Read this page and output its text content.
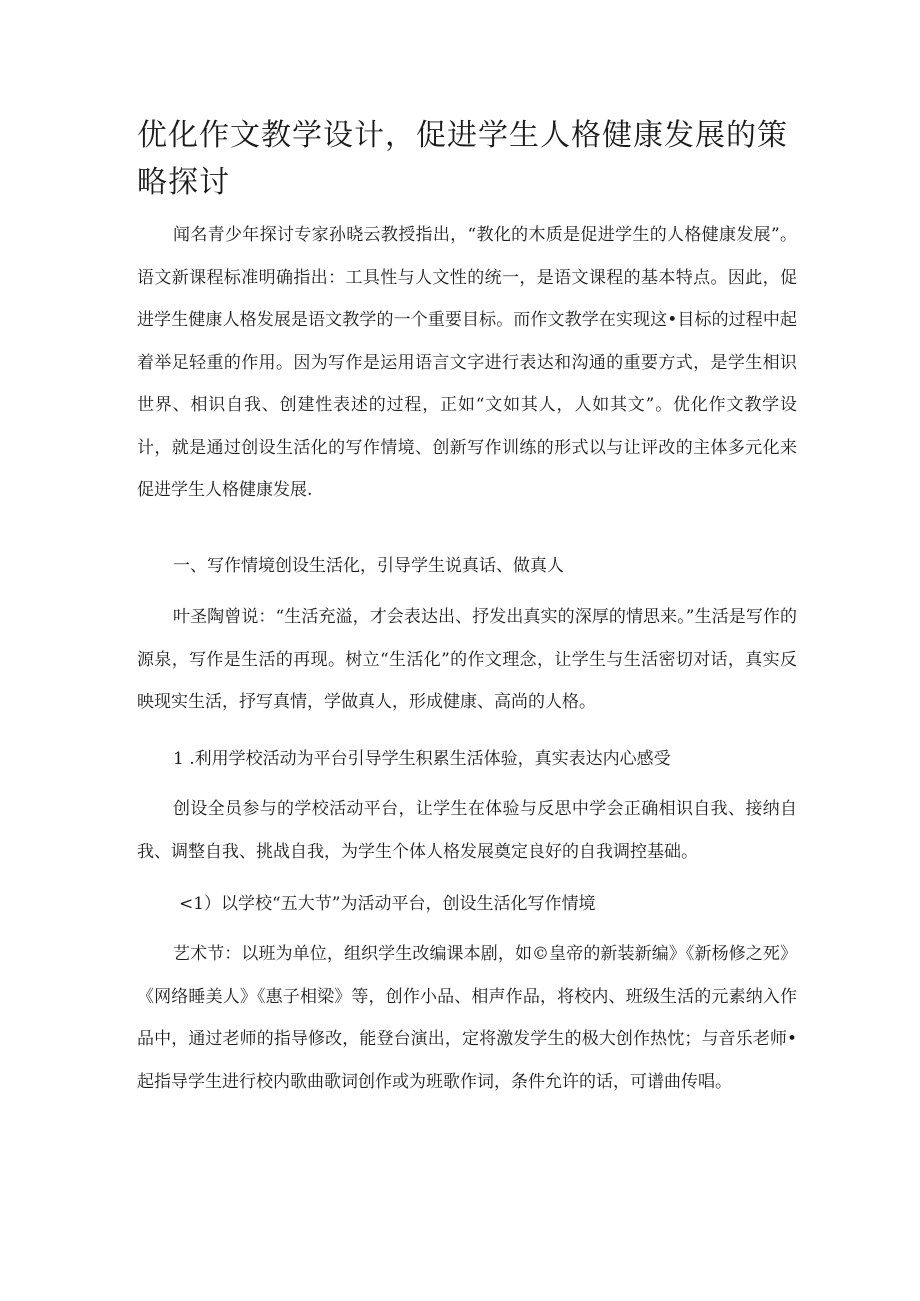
优化作文教学设计，促进学生人格健康发展的策略探讨

闻名青少年探讨专家孙晓云教授指出，“教化的木质是促进学生的人格健康发展”。语文新课程标准明确指出：工具性与人文性的统一，是语文课程的基本特点。因此，促进学生健康人格发展是语文教学的一个重要目标。而作文教学在实现这•目标的过程中起着举足轻重的作用。因为写作是运用语言文字进行表达和沟通的重要方式，是学生相识世界、相识自我、创建性表述的过程，正如“文如其人，人如其文”。优化作文教学设计，就是通过创设生活化的写作情境、创新写作训练的形式以与让评改的主体多元化来促进学生人格健康发展.

一、写作情境创设生活化，引导学生说真话、做真人

叶圣陶曾说：“生活充溢，才会表达出、抒发出真实的深厚的情思来。”生活是写作的源泉，写作是生活的再现。树立“生活化”的作文理念，让学生与生活密切对话，真实反映现实生活，抒写真情，学做真人，形成健康、高尚的人格。

1 .利用学校活动为平台引导学生积累生活体验，真实表达内心感受

创设全员参与的学校活动平台，让学生在体验与反思中学会正确相识自我、接纳自我、调整自我、挑战自我，为学生个体人格发展奠定良好的自我调控基础。

<1）以学校“五大节”为活动平台，创设生活化写作情境

艺术节：以班为单位，组织学生改编课本剧，如©皇帝的新装新编》《新杨修之死》《网络睡美人》《惠子相梁》等，创作小品、相声作品，将校内、班级生活的元素纳入作品中，通过老师的指导修改，能登台演出，定将激发学生的极大创作热忱；与音乐老师•起指导学生进行校内歌曲歌词创作或为班歌作词，条件允许的话，可谱曲传唱。
